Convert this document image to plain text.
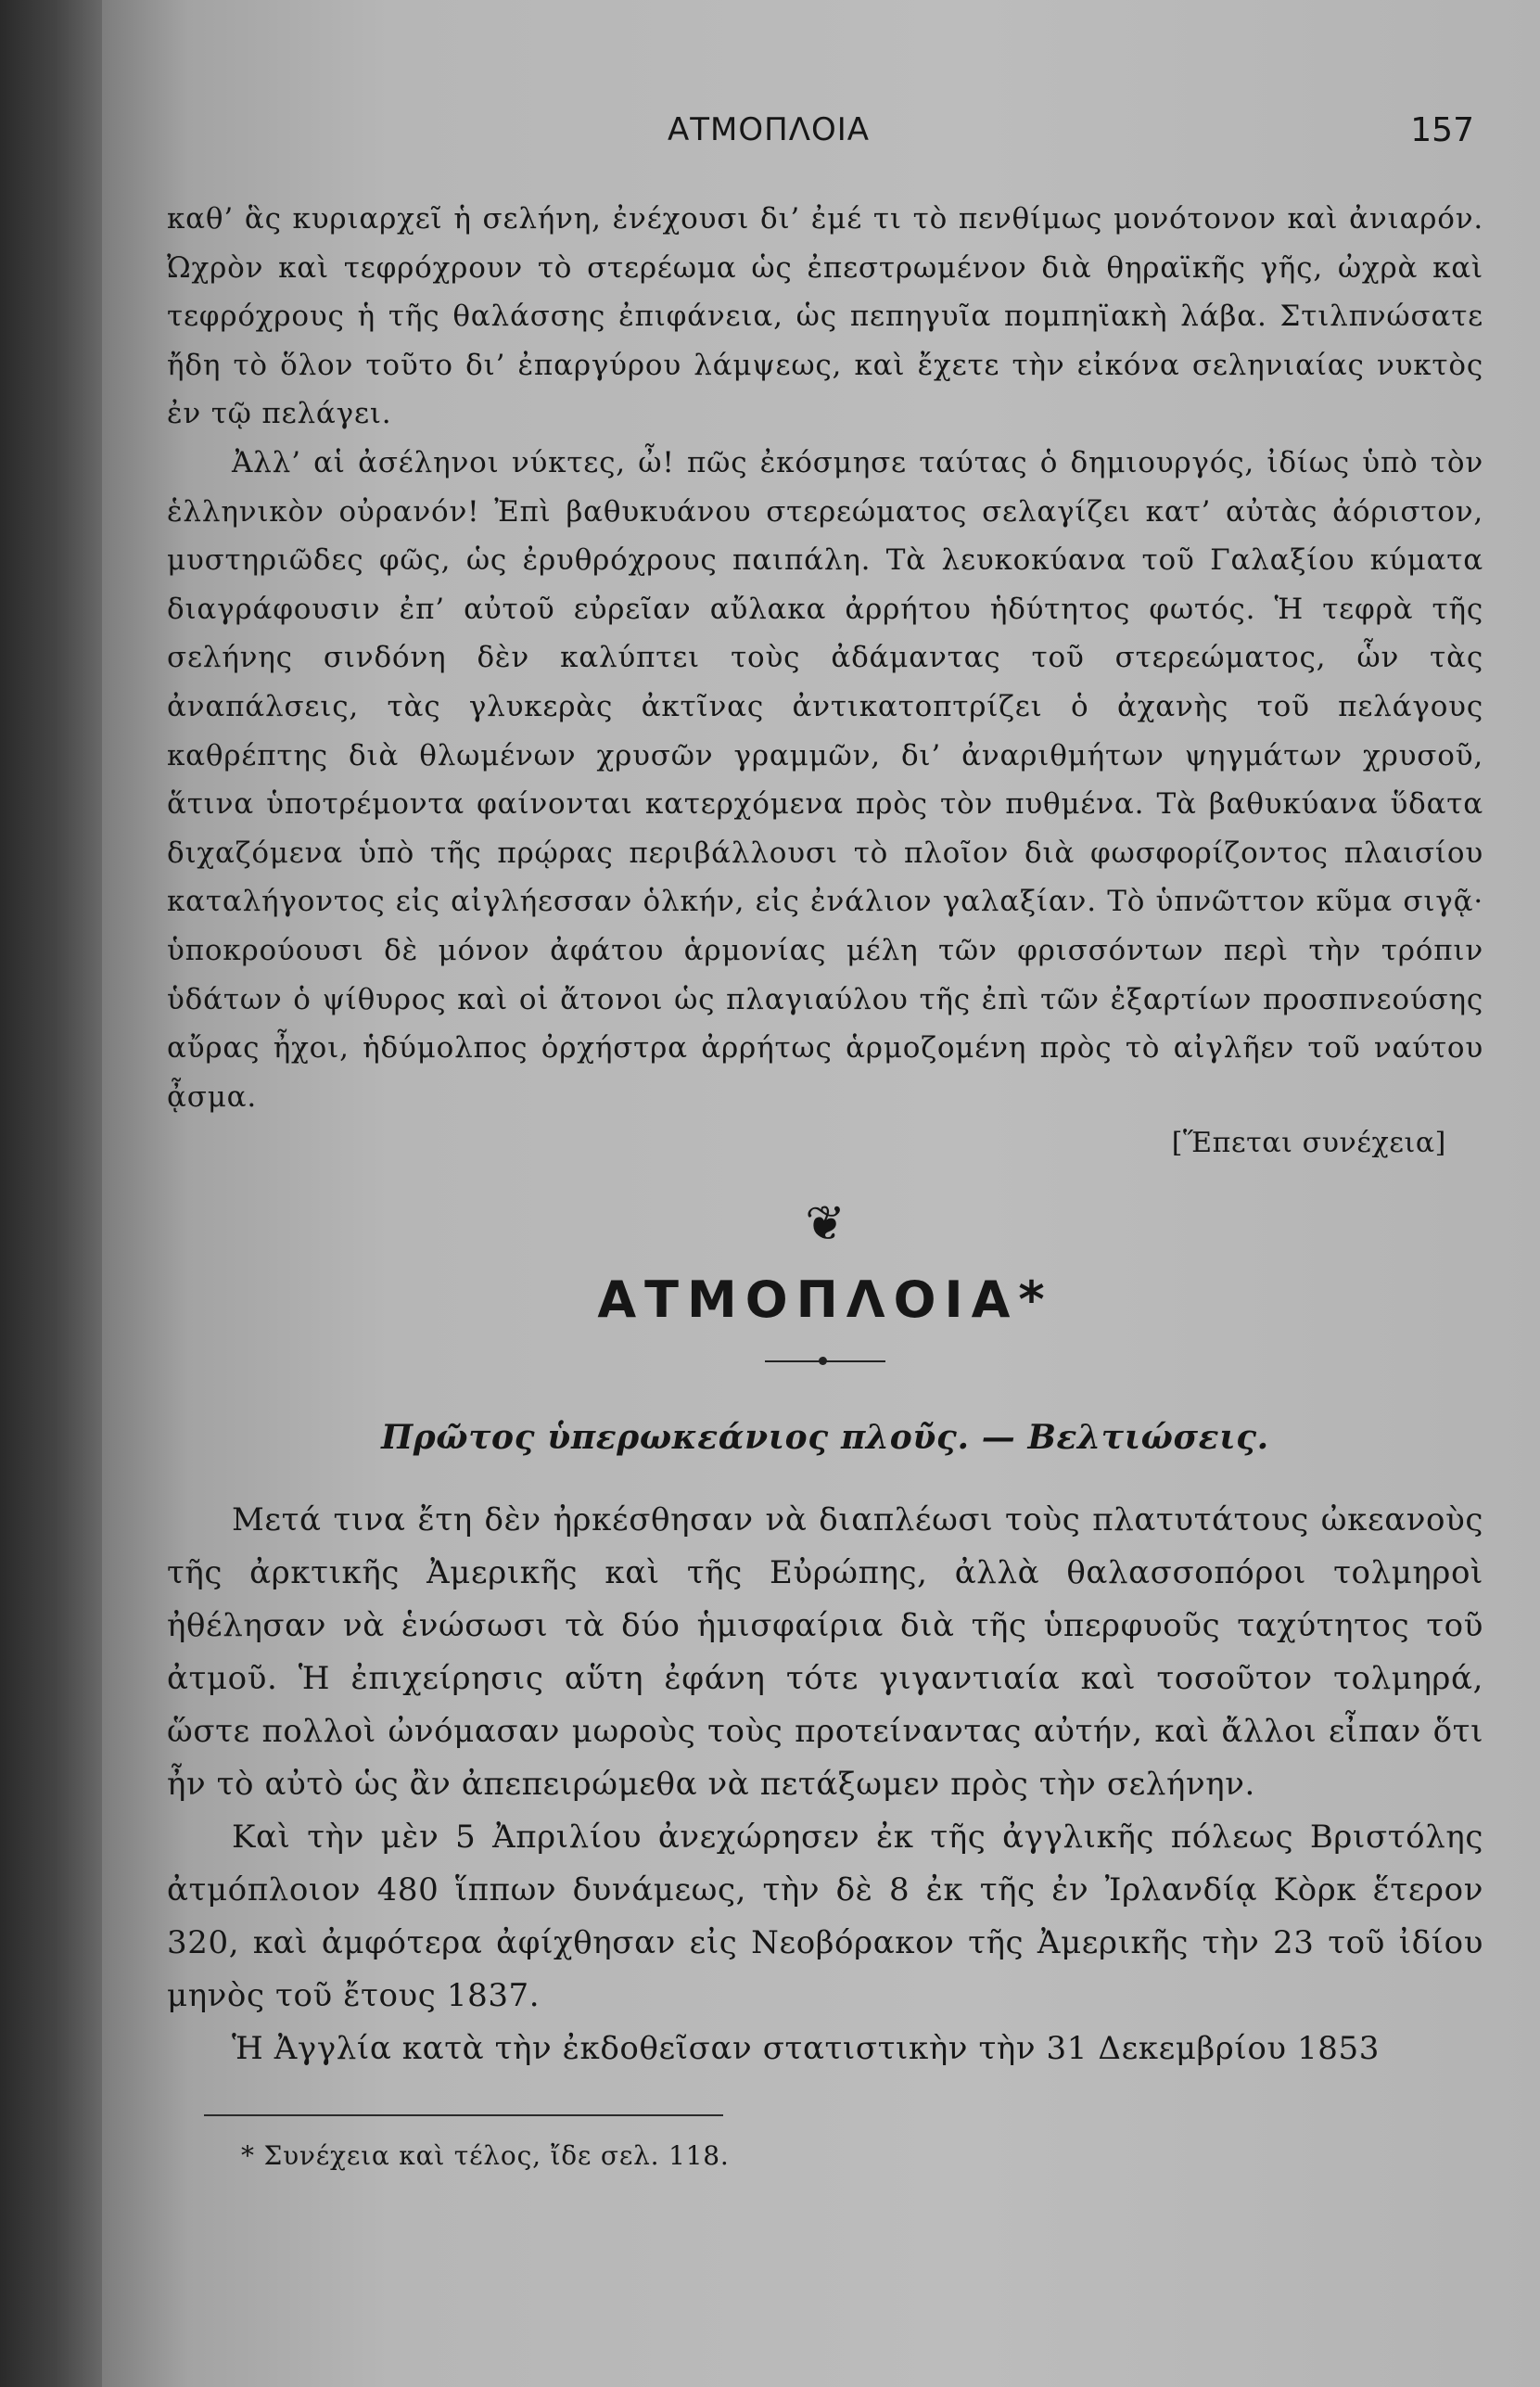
ΑΤΜΟΠΛΟΙΑ	157

καθ’ ἃς κυριαρχεῖ ἡ σελήνη, ἐνέχουσι δι’ ἐμέ τι τὸ πενθίμως μονότονον καὶ ἀνιαρόν. Ὠχρὸν καὶ τεφρόχρουν τὸ στερέωμα ὡς ἐπεστρωμένον διὰ θηραϊκῆς γῆς, ὠχρὰ καὶ τεφρόχρους ἡ τῆς θαλάσσης ἐπιφάνεια, ὡς πεπηγυῖα πομπηϊακὴ λάβα. Στιλπνώσατε ἤδη τὸ ὅλον τοῦτο δι’ ἐπαργύρου λάμψεως, καὶ ἔχετε τὴν εἰκόνα σεληνιαίας νυκτὸς ἐν τῷ πελάγει.

Ἀλλ’ αἱ ἀσέληνοι νύκτες, ὦ! πῶς ἐκόσμησε ταύτας ὁ δημιουργός, ἰδίως ὑπὸ τὸν ἑλληνικὸν οὐρανόν! Ἐπὶ βαθυκυάνου στερεώματος σελαγίζει κατ’ αὐτὰς ἀόριστον, μυστηριῶδες φῶς, ὡς ἐρυθρόχρους παιπάλη. Τὰ λευκοκύανα τοῦ Γαλαξίου κύματα διαγράφουσιν ἐπ’ αὐτοῦ εὐρεῖαν αὔλακα ἀρρήτου ἡδύτητος φωτός. Ἡ τεφρὰ τῆς σελήνης σινδόνη δὲν καλύπτει τοὺς ἀδάμαντας τοῦ στερεώματος, ὧν τὰς ἀναπάλσεις, τὰς γλυκερὰς ἀκτῖνας ἀντικατοπτρίζει ὁ ἀχανὴς τοῦ πελάγους καθρέπτης διὰ θλωμένων χρυσῶν γραμμῶν, δι’ ἀναριθμήτων ψηγμάτων χρυσοῦ, ἅτινα ὑποτρέμοντα φαίνονται κατερχόμενα πρὸς τὸν πυθμένα. Τὰ βαθυκύανα ὕδατα διχαζόμενα ὑπὸ τῆς πρῴρας περιβάλλουσι τὸ πλοῖον διὰ φωσφορίζοντος πλαισίου καταλήγοντος εἰς αἰγλήεσσαν ὁλκήν, εἰς ἐνάλιον γαλαξίαν. Τὸ ὑπνῶττον κῦμα σιγᾷ· ὑποκρούουσι δὲ μόνον ἀφάτου ἁρμονίας μέλη τῶν φρισσόντων περὶ τὴν τρόπιν ὑδάτων ὁ ψίθυρος καὶ οἱ ἄτονοι ὡς πλαγιαύλου τῆς ἐπὶ τῶν ἐξαρτίων προσπνεούσης αὔρας ἦχοι, ἡδύμολπος ὀρχήστρα ἀρρήτως ἁρμοζομένη πρὸς τὸ αἰγλῆεν τοῦ ναύτου ᾆσμα.

[Ἕπεται συνέχεια]
❦
ΑΤΜΟΠΛΟΙΑ*
Πρῶτος ὑπερωκεάνιος πλοῦς. — Βελτιώσεις.

Μετά τινα ἔτη δὲν ἠρκέσθησαν νὰ διαπλέωσι τοὺς πλατυτάτους ὠκεανοὺς τῆς ἀρκτικῆς Ἀμερικῆς καὶ τῆς Εὐρώπης, ἀλλὰ θαλασσοπόροι τολμηροὶ ἠθέλησαν νὰ ἑνώσωσι τὰ δύο ἡμισφαίρια διὰ τῆς ὑπερφυοῦς ταχύτητος τοῦ ἀτμοῦ. Ἡ ἐπιχείρησις αὕτη ἐφάνη τότε γιγαντιαία καὶ τοσοῦτον τολμηρά, ὥστε πολλοὶ ὠνόμασαν μωροὺς τοὺς προτείναντας αὐτήν, καὶ ἄλλοι εἶπαν ὅτι ἦν τὸ αὐτὸ ὡς ἂν ἀπεπειρώμεθα νὰ πετάξωμεν πρὸς τὴν σελήνην.

Καὶ τὴν μὲν 5 Ἀπριλίου ἀνεχώρησεν ἐκ τῆς ἀγγλικῆς πόλεως Βριστόλης ἀτμόπλοιον 480 ἵππων δυνάμεως, τὴν δὲ 8 ἐκ τῆς ἐν Ἰρλανδίᾳ Κὸρκ ἕτερον 320, καὶ ἀμφότερα ἀφίχθησαν εἰς Νεοβόρακον τῆς Ἀμερικῆς τὴν 23 τοῦ ἰδίου μηνὸς τοῦ ἔτους 1837.

Ἡ Ἀγγλία κατὰ τὴν ἐκδοθεῖσαν στατιστικὴν τὴν 31 Δεκεμβρίου 1853

* Συνέχεια καὶ τέλος, ἴδε σελ. 118.
